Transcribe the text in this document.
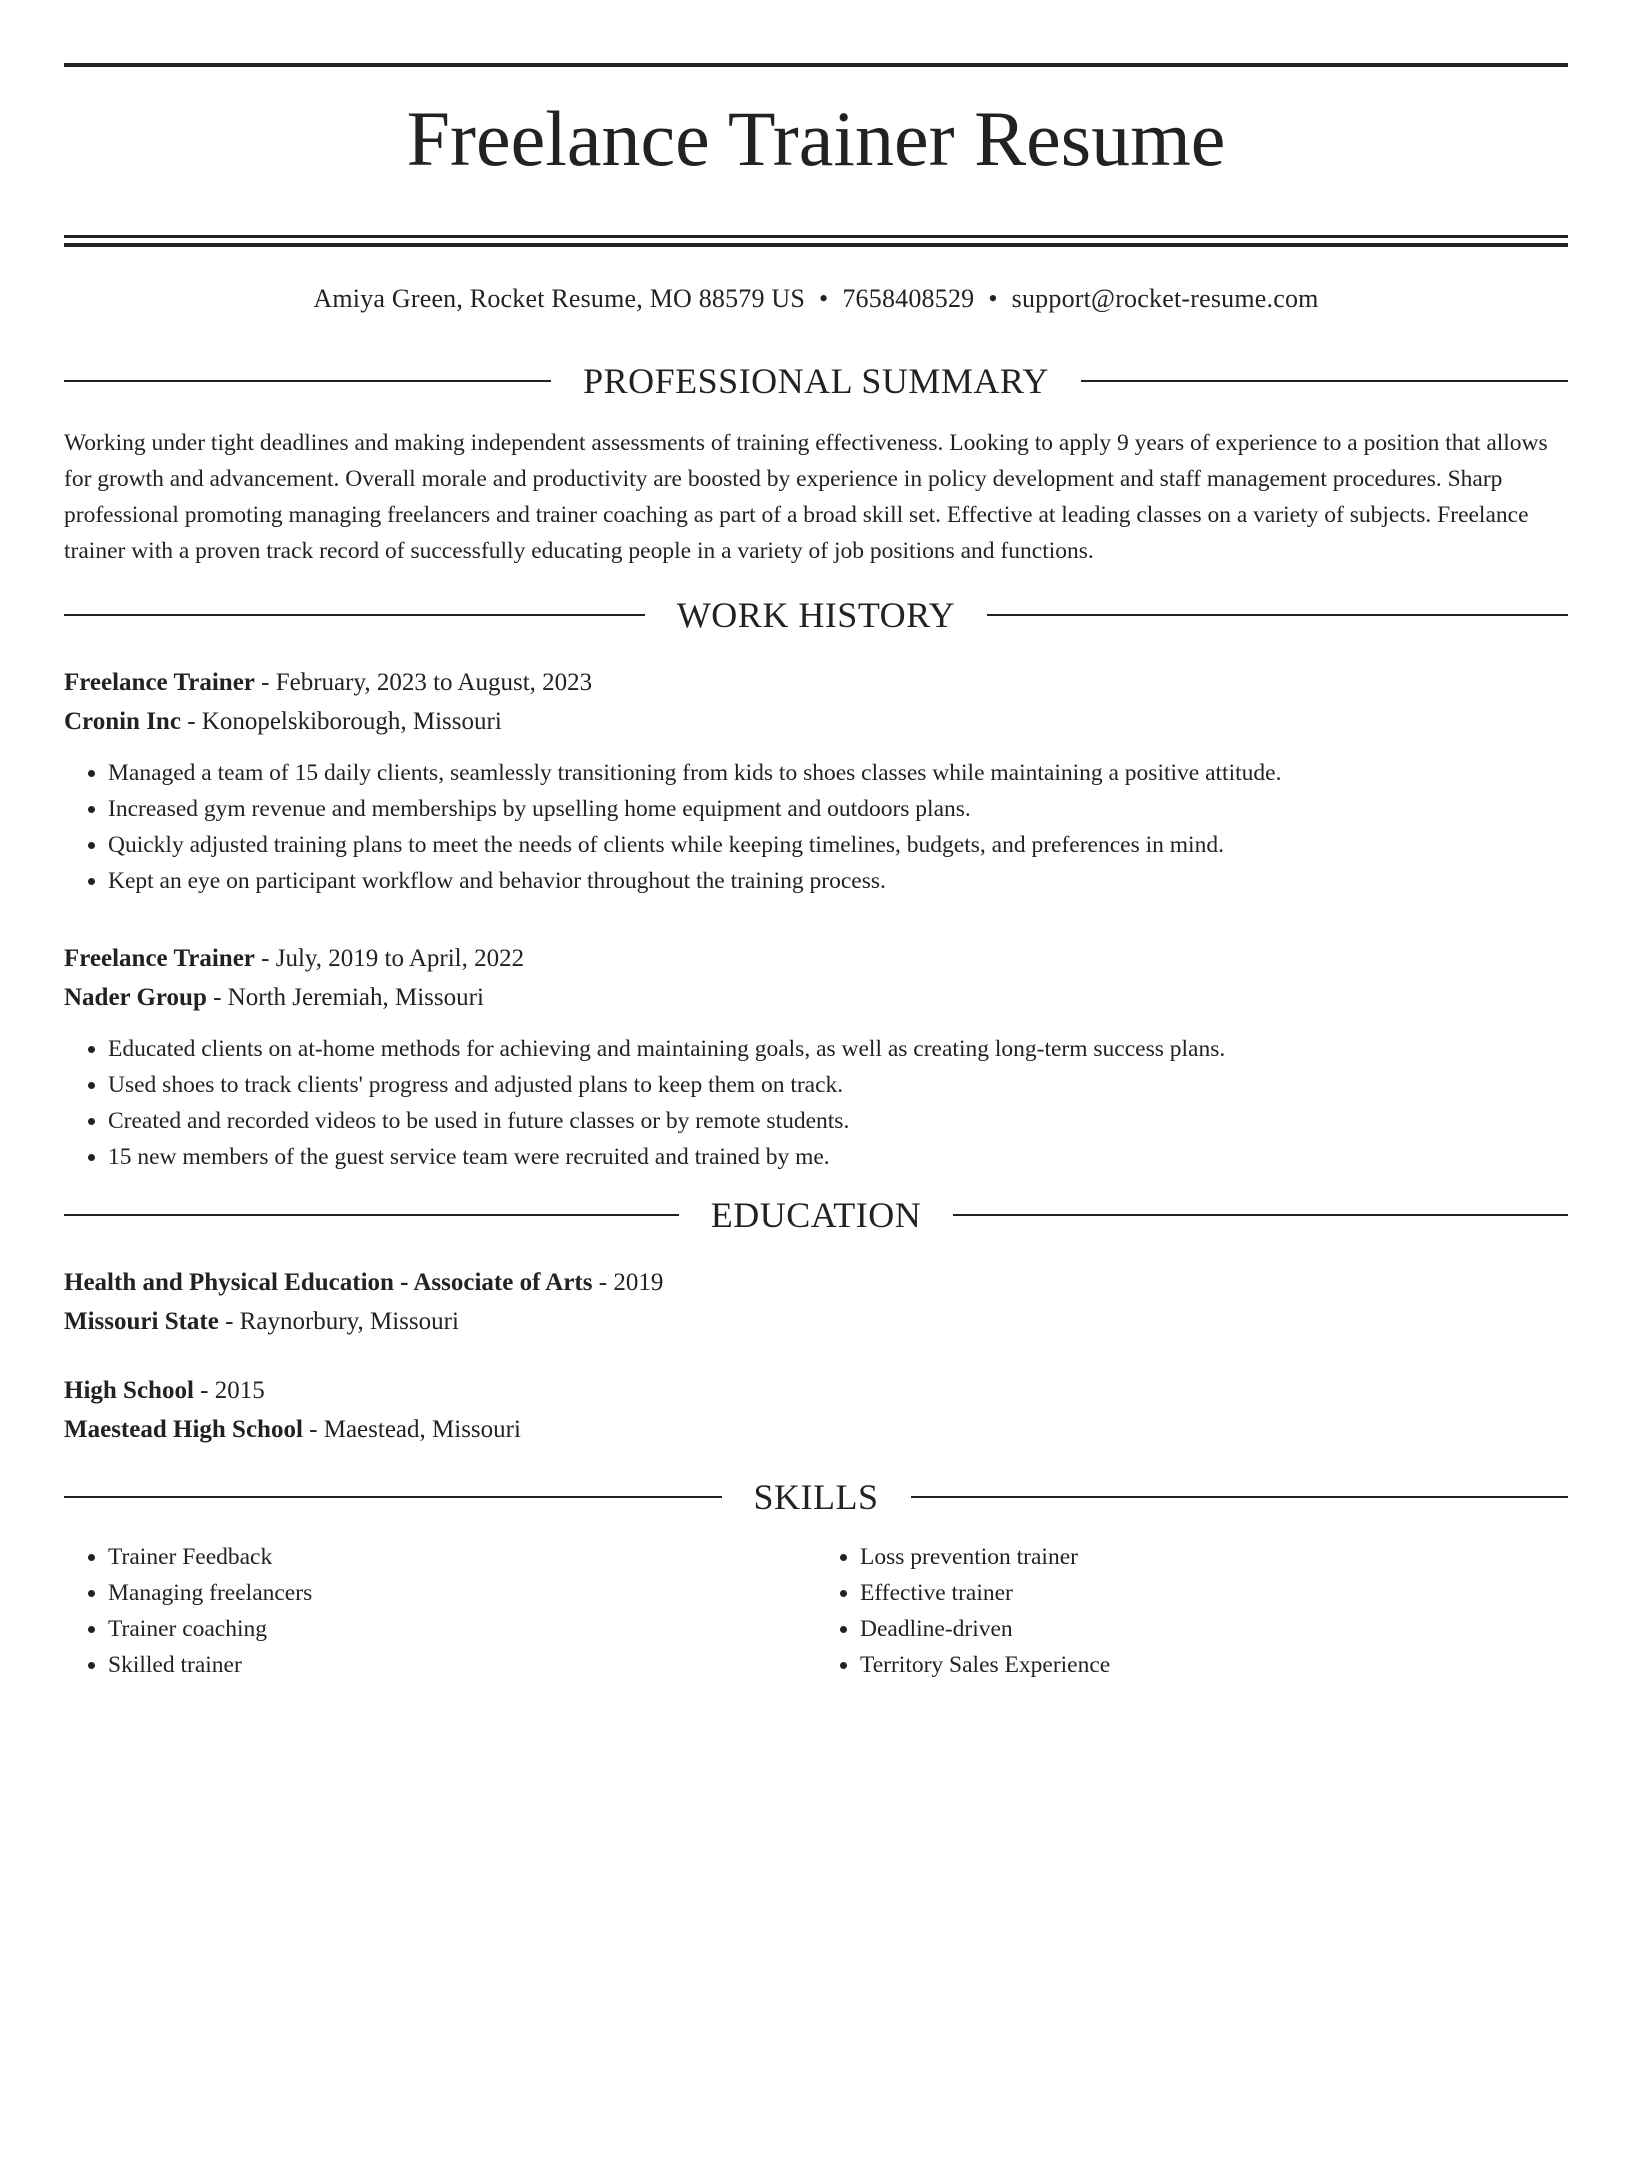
Freelance Trainer Resume
Amiya Green, Rocket Resume, MO 88579 US • 7658408529 • support@rocket-resume.com
PROFESSIONAL SUMMARY

Working under tight deadlines and making independent assessments of training effectiveness. Looking to apply 9 years of experience to a position that allows for growth and advancement. Overall morale and productivity are boosted by experience in policy development and staff management procedures. Sharp professional promoting managing freelancers and trainer coaching as part of a broad skill set. Effective at leading classes on a variety of subjects. Freelance trainer with a proven track record of successfully educating people in a variety of job positions and functions.

WORK HISTORY
Freelance Trainer - February, 2023 to August, 2023
Cronin Inc - Konopelskiborough, Missouri
• Managed a team of 15 daily clients, seamlessly transitioning from kids to shoes classes while maintaining a positive attitude.
• Increased gym revenue and memberships by upselling home equipment and outdoors plans.
• Quickly adjusted training plans to meet the needs of clients while keeping timelines, budgets, and preferences in mind.
• Kept an eye on participant workflow and behavior throughout the training process.
Freelance Trainer - July, 2019 to April, 2022
Nader Group - North Jeremiah, Missouri
• Educated clients on at-home methods for achieving and maintaining goals, as well as creating long-term success plans.
• Used shoes to track clients' progress and adjusted plans to keep them on track.
• Created and recorded videos to be used in future classes or by remote students.
• 15 new members of the guest service team were recruited and trained by me.
EDUCATION
Health and Physical Education - Associate of Arts - 2019
Missouri State - Raynorbury, Missouri
High School - 2015
Maestead High School - Maestead, Missouri
SKILLS
• Trainer Feedback
• Managing freelancers
• Trainer coaching
• Skilled trainer
• Loss prevention trainer
• Effective trainer
• Deadline-driven
• Territory Sales Experience
